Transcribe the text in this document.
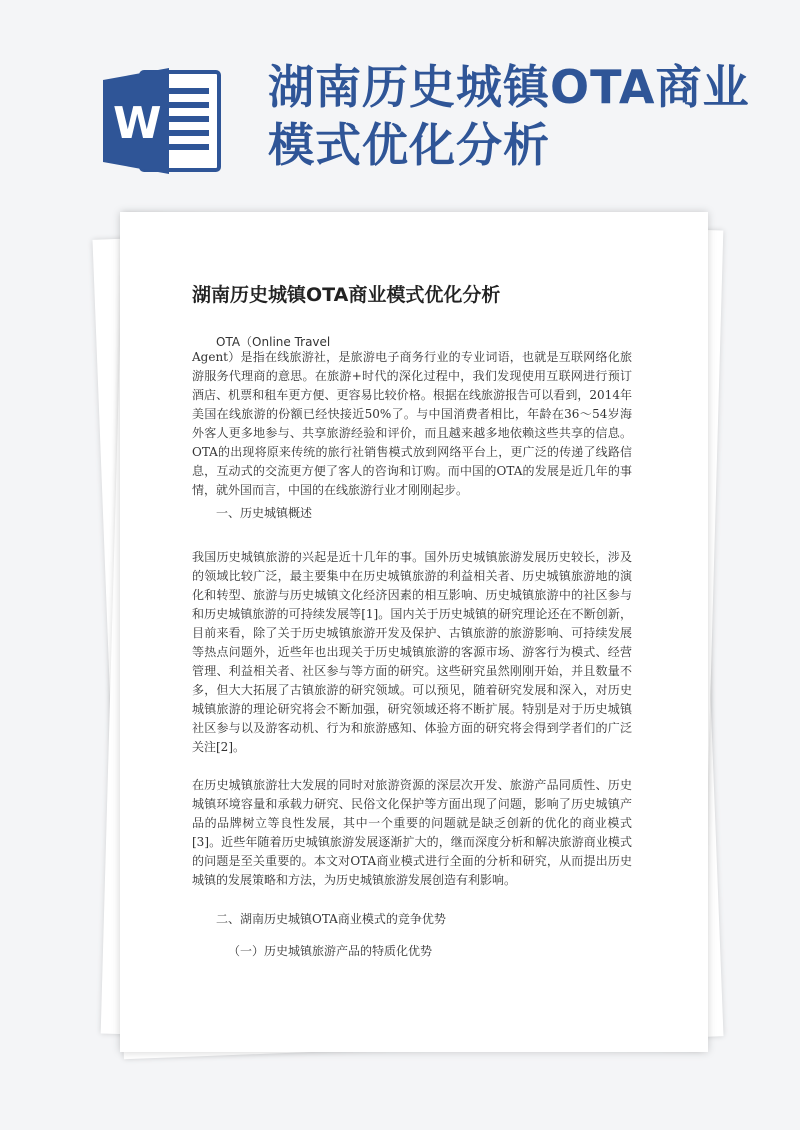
湖南历史城镇OTA商业模式优化分析
W
湖南历史城镇OTA商业模式优化分析
OTA（Online Travel
Agent）是指在线旅游社，是旅游电子商务行业的专业词语，也就是互联网络化旅游服务代理商的意思。在旅游+时代的深化过程中，我们发现使用互联网进行预订酒店、机票和租车更方便、更容易比较价格。根据在线旅游报告可以看到，2014年美国在线旅游的份额已经快接近50%了。与中国消费者相比，年龄在36～54岁海外客人更多地参与、共享旅游经验和评价，而且越来越多地依赖这些共享的信息。OTA的出现将原来传统的旅行社销售模式放到网络平台上，更广泛的传递了线路信息，互动式的交流更方便了客人的咨询和订购。而中国的OTA的发展是近几年的事情，就外国而言，中国的在线旅游行业才刚刚起步。
一、历史城镇概述
我国历史城镇旅游的兴起是近十几年的事。国外历史城镇旅游发展历史较长，涉及的领域比较广泛，最主要集中在历史城镇旅游的利益相关者、历史城镇旅游地的演化和转型、旅游与历史城镇文化经济因素的相互影响、历史城镇旅游中的社区参与和历史城镇旅游的可持续发展等[1]。国内关于历史城镇的研究理论还在不断创新，目前来看，除了关于历史城镇旅游开发及保护、古镇旅游的旅游影响、可持续发展等热点问题外，近些年也出现关于历史城镇旅游的客源市场、游客行为模式、经营管理、利益相关者、社区参与等方面的研究。这些研究虽然刚刚开始，并且数量不多，但大大拓展了古镇旅游的研究领域。可以预见，随着研究发展和深入，对历史城镇旅游的理论研究将会不断加强，研究领域还将不断扩展。特别是对于历史城镇社区参与以及游客动机、行为和旅游感知、体验方面的研究将会得到学者们的广泛关注[2]。
在历史城镇旅游壮大发展的同时对旅游资源的深层次开发、旅游产品同质性、历史城镇环境容量和承载力研究、民俗文化保护等方面出现了问题，影响了历史城镇产品的品牌树立等良性发展，其中一个重要的问题就是缺乏创新的优化的商业模式[3]。近些年随着历史城镇旅游发展逐渐扩大的，继而深度分析和解决旅游商业模式的问题是至关重要的。本文对OTA商业模式进行全面的分析和研究，从而提出历史城镇的发展策略和方法，为历史城镇旅游发展创造有利影响。
二、湖南历史城镇OTA商业模式的竞争优势
（一）历史城镇旅游产品的特质化优势
